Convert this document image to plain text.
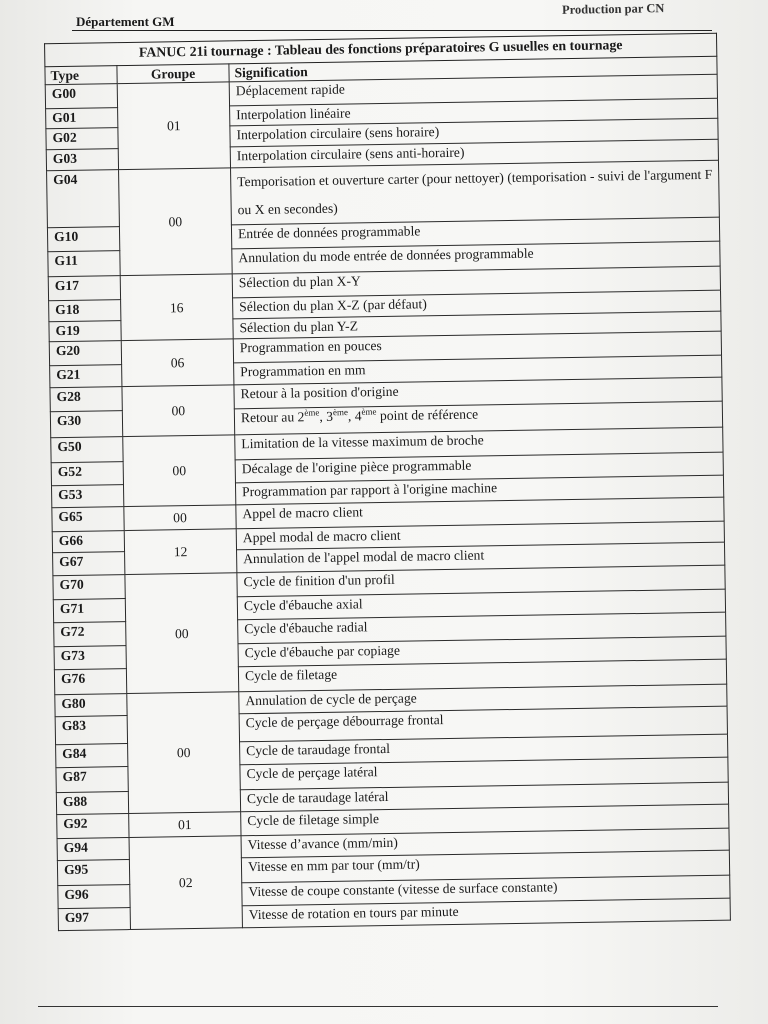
Département GM
Production par CN
FANUC 21i tournage : Tableau des fonctions préparatoires G usuelles en tournage		
Type	Groupe	Signification
G00	01	Déplacement rapide
G01		Interpolation linéaire
G02		Interpolation circulaire (sens horaire)
G03		Interpolation circulaire (sens anti-horaire)
G04	00	Temporisation et ouverture carter (pour nettoyer) (temporisation - suivi de l'argument F ou X en secondes)
G10		Entrée de données programmable
G11		Annulation du mode entrée de données programmable
G17	16	Sélection du plan X-Y
G18		Sélection du plan X-Z (par défaut)
G19		Sélection du plan Y-Z
G20	06	Programmation en pouces
G21		Programmation en mm
G28	00	Retour à la position d'origine
G30		Retour au 2ème, 3ème, 4ème point de référence
G50	00	Limitation de la vitesse maximum de broche
G52		Décalage de l'origine pièce programmable
G53		Programmation par rapport à l'origine machine
G65	00	Appel de macro client
G66	12	Appel modal de macro client
G67		Annulation de l'appel modal de macro client
G70	00	Cycle de finition d'un profil
G71		Cycle d'ébauche axial
G72		Cycle d'ébauche radial
G73		Cycle d'ébauche par copiage
G76		Cycle de filetage
G80	00	Annulation de cycle de perçage
G83		Cycle de perçage débourrage frontal
G84		Cycle de taraudage frontal
G87		Cycle de perçage latéral
G88		Cycle de taraudage latéral
G92	01	Cycle de filetage simple
G94	02	Vitesse d’avance (mm/min)
G95		Vitesse en mm par tour (mm/tr)
G96		Vitesse de coupe constante (vitesse de surface constante)
G97		Vitesse de rotation en tours par minute
